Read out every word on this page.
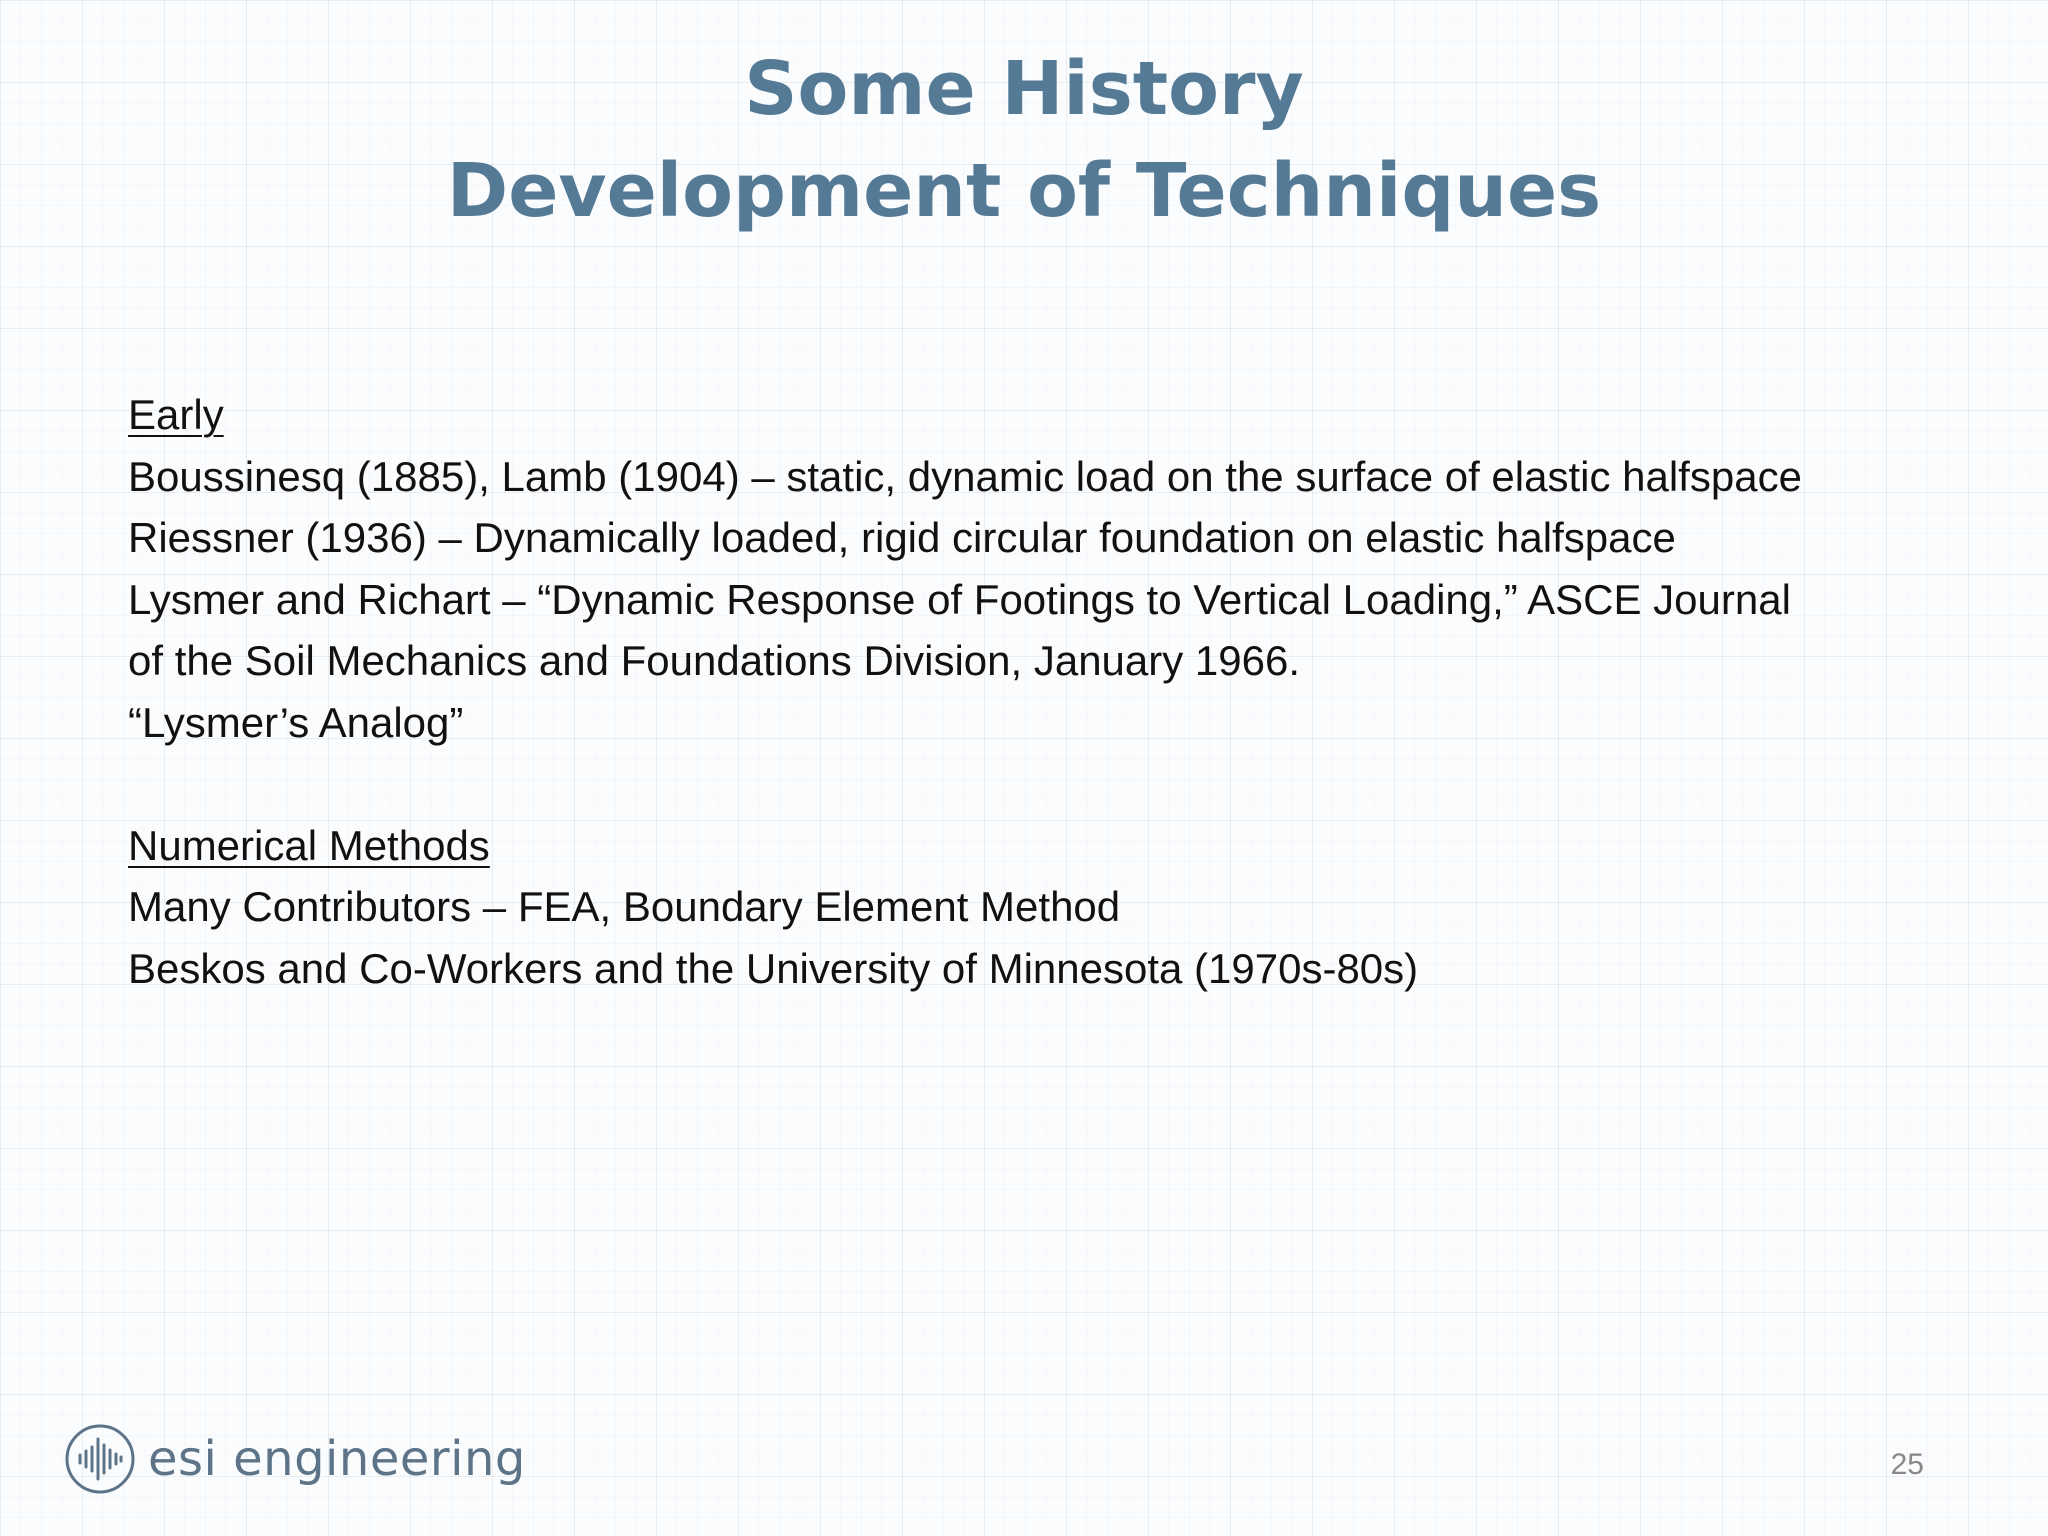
Some History
Development of Techniques
Early
Boussinesq (1885), Lamb (1904) – static, dynamic load on the surface of elastic halfspace
Riessner (1936) – Dynamically loaded, rigid circular foundation on elastic halfspace
Lysmer and Richart – “Dynamic Response of Footings to Vertical Loading,” ASCE Journal
of the Soil Mechanics and Foundations Division, January 1966.
“Lysmer’s Analog”
Numerical Methods
Many Contributors – FEA, Boundary Element Method
Beskos and Co-Workers and the University of Minnesota (1970s-80s)
esi engineering	25
